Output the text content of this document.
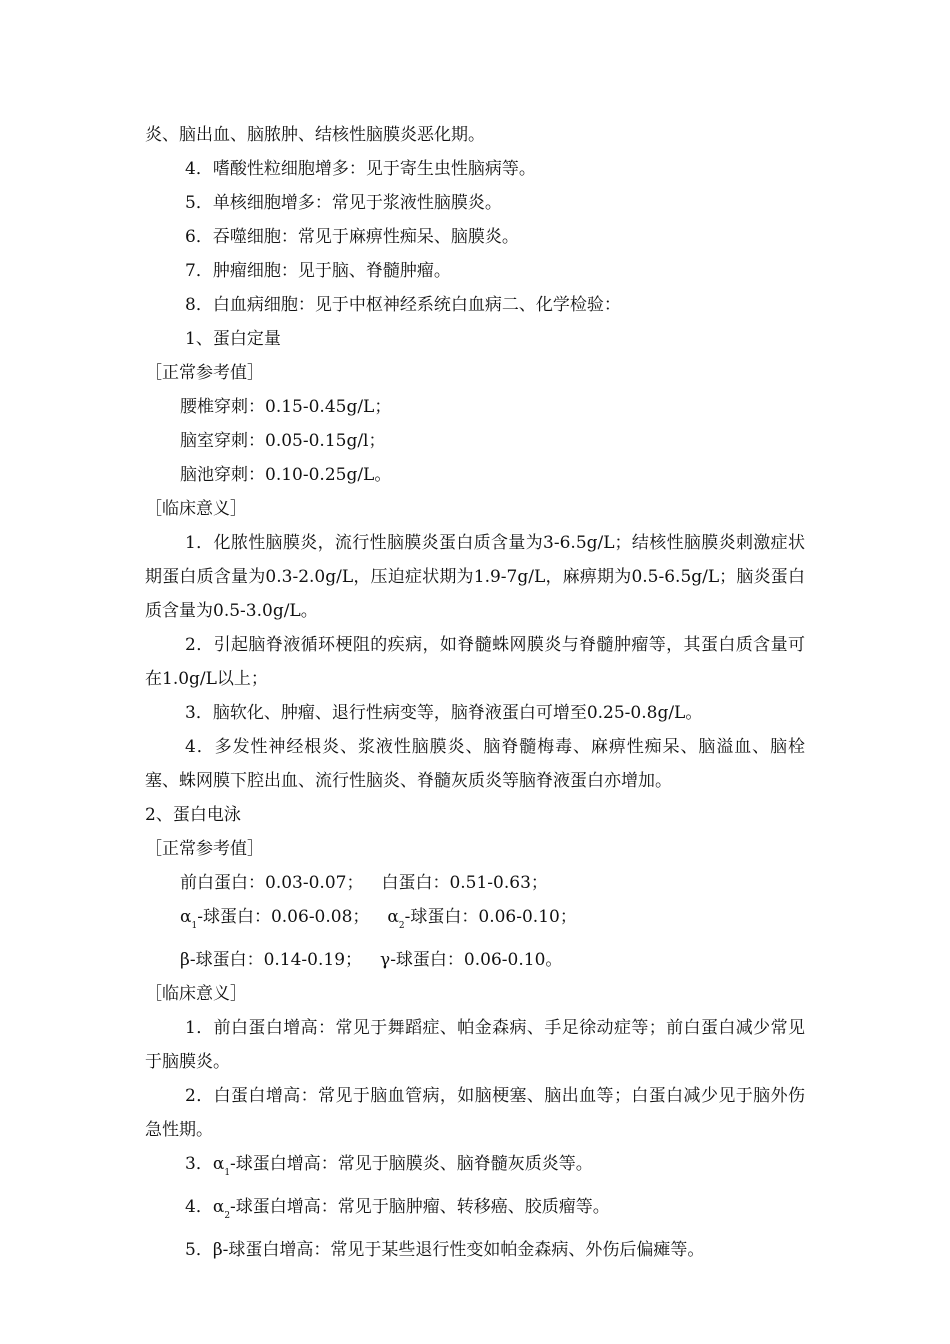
炎、脑出血、脑脓肿、结核性脑膜炎恶化期。

4．嗜酸性粒细胞增多：见于寄生虫性脑病等。

5．单核细胞增多：常见于浆液性脑膜炎。

6．吞噬细胞：常见于麻痹性痴呆、脑膜炎。

7．肿瘤细胞：见于脑、脊髓肿瘤。

8．白血病细胞：见于中枢神经系统白血病二、化学检验：

1、蛋白定量

［正常参考值］

腰椎穿刺：0.15-0.45g/L；

脑室穿刺：0.05-0.15g/l；

脑池穿刺：0.10-0.25g/L。

［临床意义］

1．化脓性脑膜炎，流行性脑膜炎蛋白质含量为3-6.5g/L；结核性脑膜炎刺激症状期蛋白质含量为0.3-2.0g/L，压迫症状期为1.9-7g/L，麻痹期为0.5-6.5g/L；脑炎蛋白质含量为0.5-3.0g/L。

2．引起脑脊液循环梗阻的疾病，如脊髓蛛网膜炎与脊髓肿瘤等，其蛋白质含量可在1.0g/L以上；

3．脑软化、肿瘤、退行性病变等，脑脊液蛋白可增至0.25-0.8g/L。

4．多发性神经根炎、浆液性脑膜炎、脑脊髓梅毒、麻痹性痴呆、脑溢血、脑栓塞、蛛网膜下腔出血、流行性脑炎、脊髓灰质炎等脑脊液蛋白亦增加。

2、蛋白电泳

［正常参考值］

前白蛋白：0.03-0.07； 白蛋白：0.51-0.63；

$\alpha_1-$球蛋白：0.06-0.08； $\alpha_2-$球蛋白：0.06-0.10；

β-球蛋白：0.14-0.19； γ-球蛋白：0.06-0.10。

［临床意义］

1．前白蛋白增高：常见于舞蹈症、帕金森病、手足徐动症等；前白蛋白减少常见于脑膜炎。

2．白蛋白增高：常见于脑血管病，如脑梗塞、脑出血等；白蛋白减少见于脑外伤急性期。

3．$\alpha_1-$球蛋白增高：常见于脑膜炎、脑脊髓灰质炎等。

4．$\alpha_2-$球蛋白增高：常见于脑肿瘤、转移癌、胶质瘤等。

5．β-球蛋白增高：常见于某些退行性变如帕金森病、外伤后偏瘫等。
